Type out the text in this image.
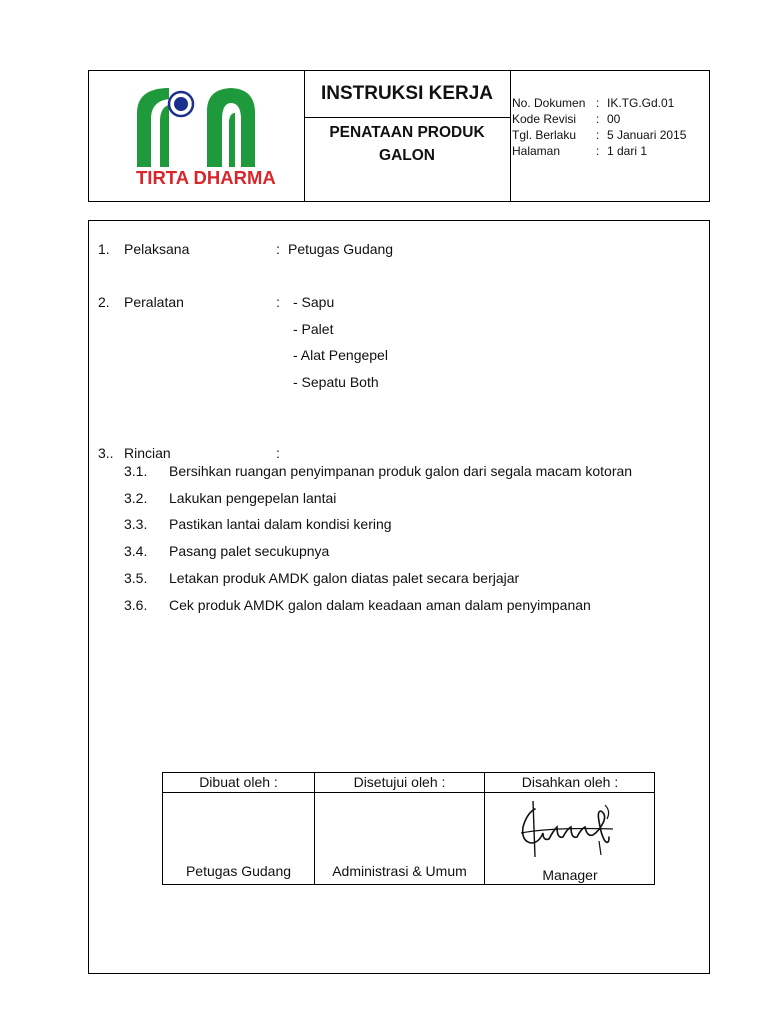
TIRTA DHARMA
INSTRUKSI KERJA
PENATAAN PRODUK
GALON
No. Dokumen : IK.TG.Gd.01
Kode Revisi : 00
Tgl. Berlaku : 5 Januari 2015
Halaman	: 1 dari 1
1. Pelaksana	: Petugas Gudang
2. Peralatan	: - Sapu
- Palet
- Alat Pengepel
- Sepatu Both
3.. Rincian	:
3.1. Bersihkan ruangan penyimpanan produk galon dari segala macam kotoran
3.2. Lakukan pengepelan lantai
3.3. Pastikan lantai dalam kondisi kering
3.4. Pasang palet secukupnya
3.5. Letakan produk AMDK galon diatas palet secara berjajar
3.6. Cek produk AMDK galon dalam keadaan aman dalam penyimpanan
Dibuat oleh :	Disetujui oleh :	Disahkan oleh :
Petugas Gudang	Administrasi & Umum	Manager
